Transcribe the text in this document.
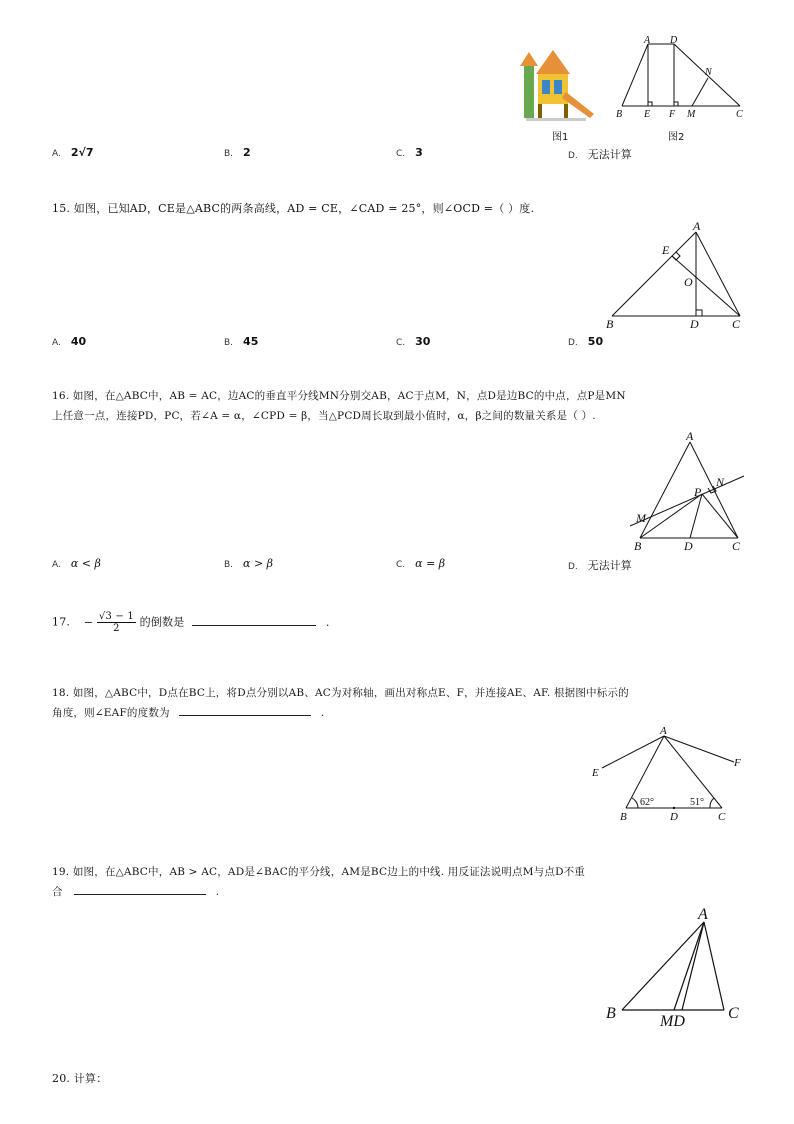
A D
N
B E F M	C
图1	图2
A. 2√7	B. 2	C. 3	D. 无法计算
15. 如图，已知AD，CE是△ABC的两条高线，AD = CE，∠CAD = 25°，则∠OCD =（ ）度.
A
E
O
B	D	C
A. 40	B. 45	C. 30	D. 50
16. 如图，在△ABC中，AB = AC，边AC的垂直平分线MN分别交AB，AC于点M，N，点D是边BC的中点，点P是MN
上任意一点，连接PD，PC，若∠A = α，∠CPD = β，当△PCD周长取到最小值时，α，β之间的数量关系是（ ）.
A
N
P
M
B	D	C
A. α < β	B. α > β	C. α = β	D. 无法计算
17. − $\frac{√3 - 1}{2}$ 的倒数是	.
18. 如图，△ABC中，D点在BC上，将D点分别以AB、AC为对称轴，画出对称点E、F，并连接AE、AF. 根据图中标示的
角度，则∠EAF的度数为	.
A
E
F
B	D	C
62°	51°
19. 如图，在△ABC中，AB > AC，AD是∠BAC的平分线，AM是BC边上的中线. 用反证法说明点M与点D不重
合	.
A
B	MD	C
20. 计算：
